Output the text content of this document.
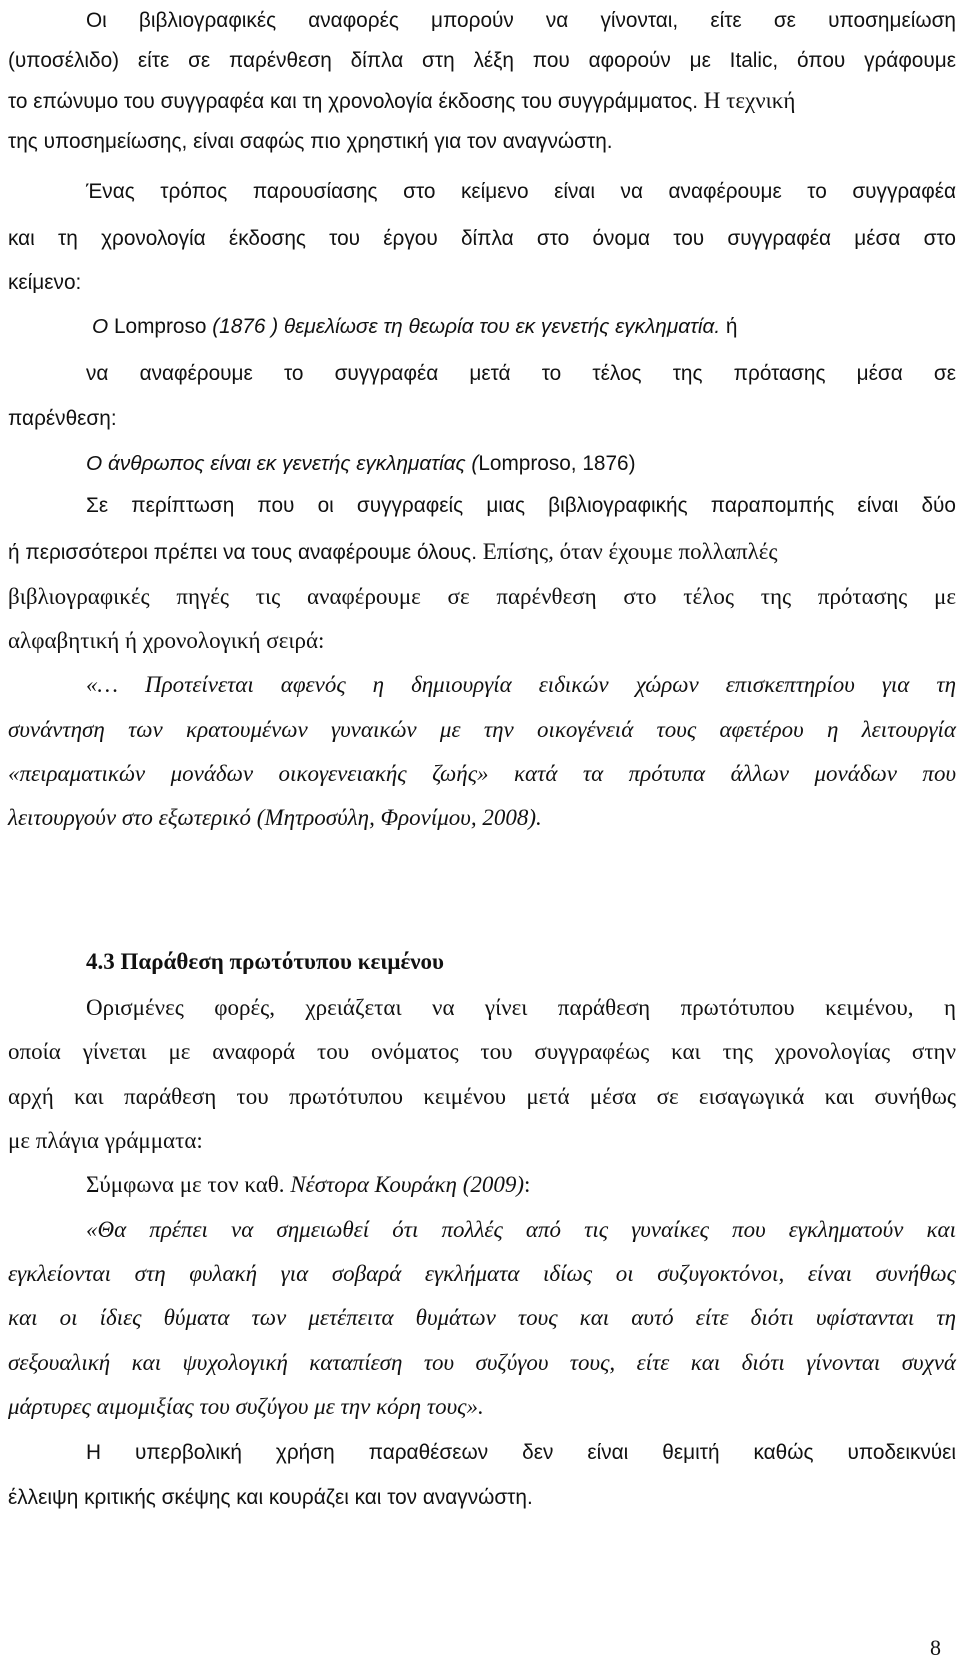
Οι βιβλιογραφικές αναφορές μπορούν να γίνονται, είτε σε υποσημείωση
(υποσέλιδο) είτε σε παρένθεση δίπλα στη λέξη που αφορούν με Italic, όπου γράφουμε
το επώνυμο του συγγραφέα και τη χρονολογία έκδοσης του συγγράμματος. Η τεχνική
της υποσημείωσης, είναι σαφώς πιο χρηστική για τον αναγνώστη.
Ένας τρόπος παρουσίασης στο κείμενο είναι να αναφέρουμε το συγγραφέα
και τη χρονολογία έκδοσης του έργου δίπλα στο όνομα του συγγραφέα μέσα στο
κείμενο:
Ο Lomproso (1876 ) θεμελίωσε τη θεωρία του εκ γενετής εγκληματία. ή
να αναφέρουμε το συγγραφέα μετά το τέλος της πρότασης μέσα σε
παρένθεση:
Ο άνθρωπος είναι εκ γενετής εγκληματίας (Lomproso, 1876)
Σε περίπτωση που οι συγγραφείς μιας βιβλιογραφικής παραπομπής είναι δύο
ή περισσότεροι πρέπει να τους αναφέρουμε όλους. Επίσης, όταν έχουμε πολλαπλές
βιβλιογραφικές πηγές τις αναφέρουμε σε παρένθεση στο τέλος της πρότασης με
αλφαβητική ή χρονολογική σειρά:
«… Προτείνεται αφενός η δημιουργία ειδικών χώρων επισκεπτηρίου για τη
συνάντηση των κρατουμένων γυναικών με την οικογένειά τους αφετέρου η λειτουργία
«πειραματικών μονάδων οικογενειακής ζωής» κατά τα πρότυπα άλλων μονάδων που
λειτουργούν στο εξωτερικό (Μητροσύλη, Φρονίμου, 2008).
4.3 Παράθεση πρωτότυπου κειμένου
Ορισμένες φορές, χρειάζεται να γίνει παράθεση πρωτότυπου κειμένου, η
οποία γίνεται με αναφορά του ονόματος του συγγραφέως και της χρονολογίας στην
αρχή και παράθεση του πρωτότυπου κειμένου μετά μέσα σε εισαγωγικά και συνήθως
με πλάγια γράμματα:
Σύμφωνα με τον καθ. Νέστορα Κουράκη (2009):
«Θα πρέπει να σημειωθεί ότι πολλές από τις γυναίκες που εγκληματούν και
εγκλείονται στη φυλακή για σοβαρά εγκλήματα ιδίως οι συζυγοκτόνοι, είναι συνήθως
και οι ίδιες θύματα των μετέπειτα θυμάτων τους και αυτό είτε διότι υφίστανται τη
σεξουαλική και ψυχολογική καταπίεση του συζύγου τους, είτε και διότι γίνονται συχνά
μάρτυρες αιμομιξίας του συζύγου με την κόρη τους».
Η υπερβολική χρήση παραθέσεων δεν είναι θεμιτή καθώς υποδεικνύει
έλλειψη κριτικής σκέψης και κουράζει και τον αναγνώστη.
8
